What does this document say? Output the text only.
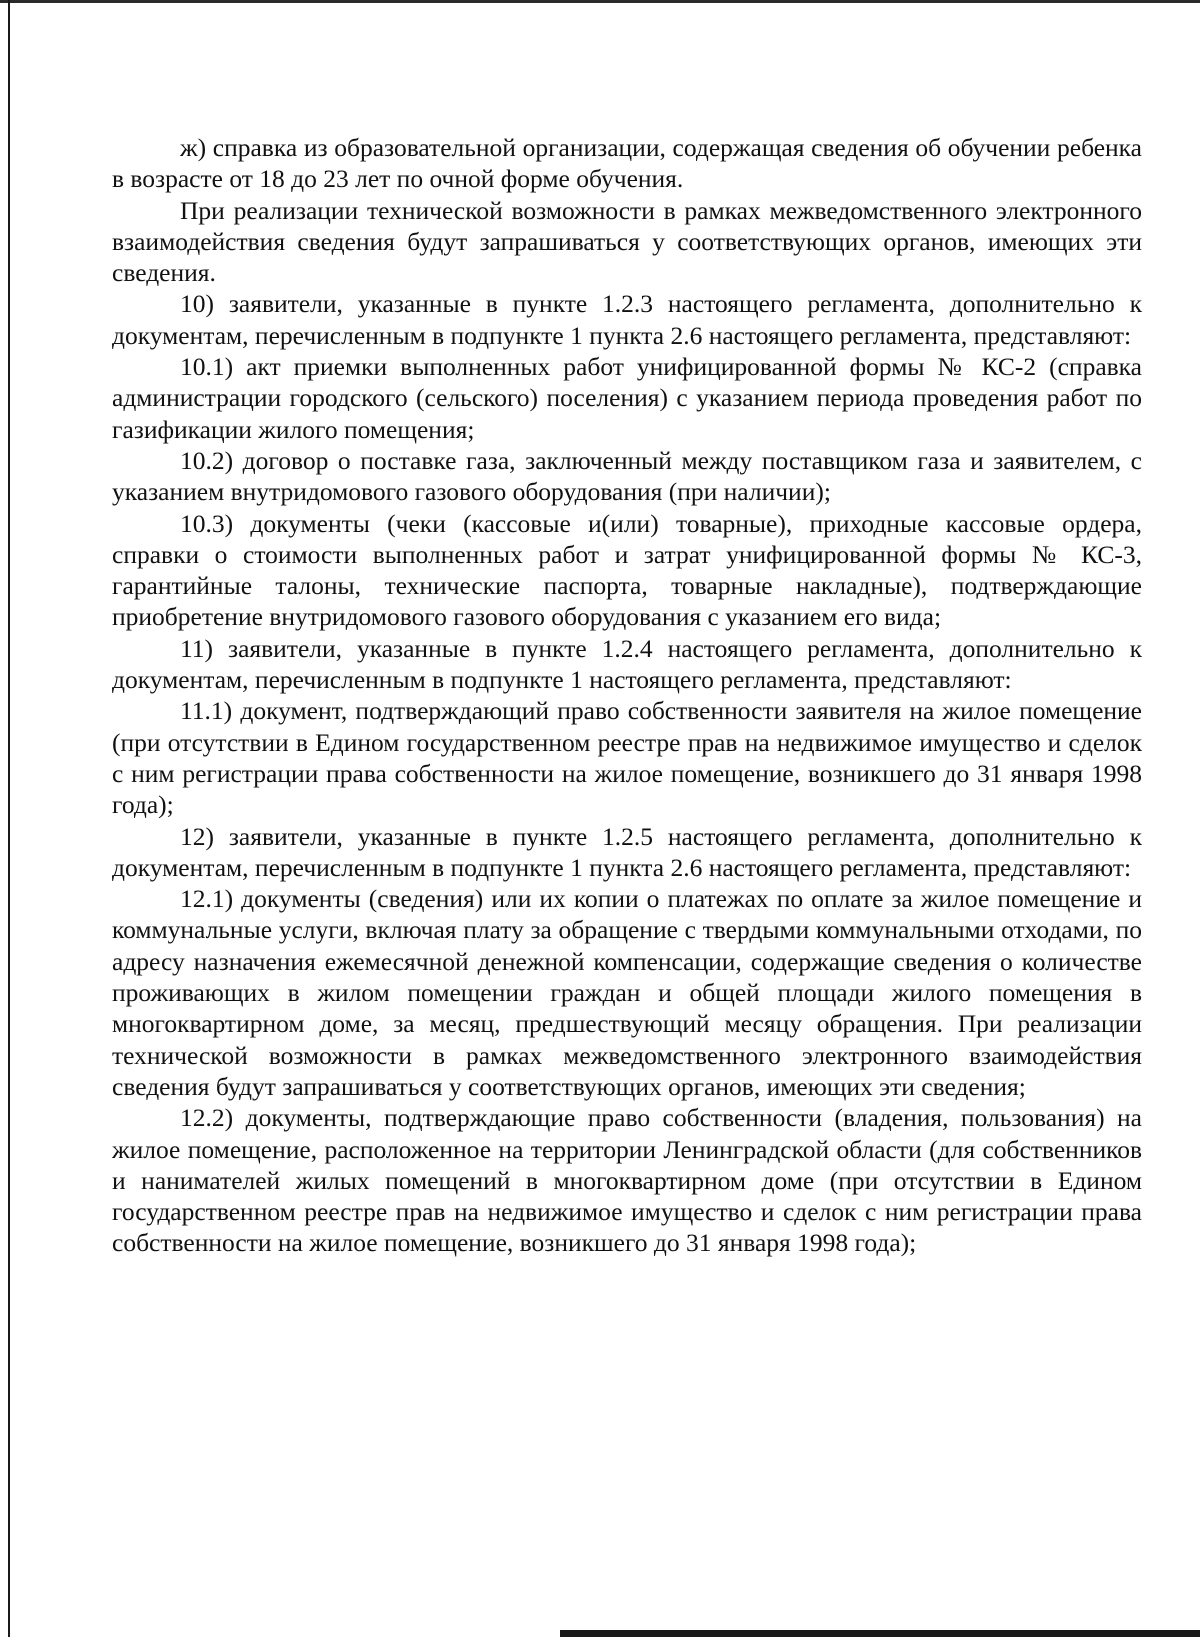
ж) справка из образовательной организации, содержащая сведения об обучении ребенка в возрасте от 18 до 23 лет по очной форме обучения.

При реализации технической возможности в рамках межведомственного электронного взаимодействия сведения будут запрашиваться у соответствующих органов, имеющих эти сведения.

10) заявители, указанные в пункте 1.2.3 настоящего регламента, дополнительно к документам, перечисленным в подпункте 1 пункта 2.6 настоящего регламента, представляют:

10.1) акт приемки выполненных работ унифицированной формы № КС-2 (справка администрации городского (сельского) поселения) с указанием периода проведения работ по газификации жилого помещения;

10.2) договор о поставке газа, заключенный между поставщиком газа и заявителем, с указанием внутридомового газового оборудования (при наличии);

10.3) документы (чеки (кассовые и(или) товарные), приходные кассовые ордера, справки о стоимости выполненных работ и затрат унифицированной формы № КС-3, гарантийные талоны, технические паспорта, товарные накладные), подтверждающие приобретение внутридомового газового оборудования с указанием его вида;

11) заявители, указанные в пункте 1.2.4 настоящего регламента, дополнительно к документам, перечисленным в подпункте 1 настоящего регламента, представляют:

11.1) документ, подтверждающий право собственности заявителя на жилое помещение (при отсутствии в Едином государственном реестре прав на недвижимое имущество и сделок с ним регистрации права собственности на жилое помещение, возникшего до 31 января 1998 года);

12) заявители, указанные в пункте 1.2.5 настоящего регламента, дополнительно к документам, перечисленным в подпункте 1 пункта 2.6 настоящего регламента, представляют:

12.1) документы (сведения) или их копии о платежах по оплате за жилое помещение и коммунальные услуги, включая плату за обращение с твердыми коммунальными отходами, по адресу назначения ежемесячной денежной компенсации, содержащие сведения о количестве проживающих в жилом помещении граждан и общей площади жилого помещения в многоквартирном доме, за месяц, предшествующий месяцу обращения. При реализации технической возможности в рамках межведомственного электронного взаимодействия сведения будут запрашиваться у соответствующих органов, имеющих эти сведения;

12.2) документы, подтверждающие право собственности (владения, пользования) на жилое помещение, расположенное на территории Ленинградской области (для собственников и нанимателей жилых помещений в многоквартирном доме (при отсутствии в Едином государственном реестре прав на недвижимое имущество и сделок с ним регистрации права собственности на жилое помещение, возникшего до 31 января 1998 года);
